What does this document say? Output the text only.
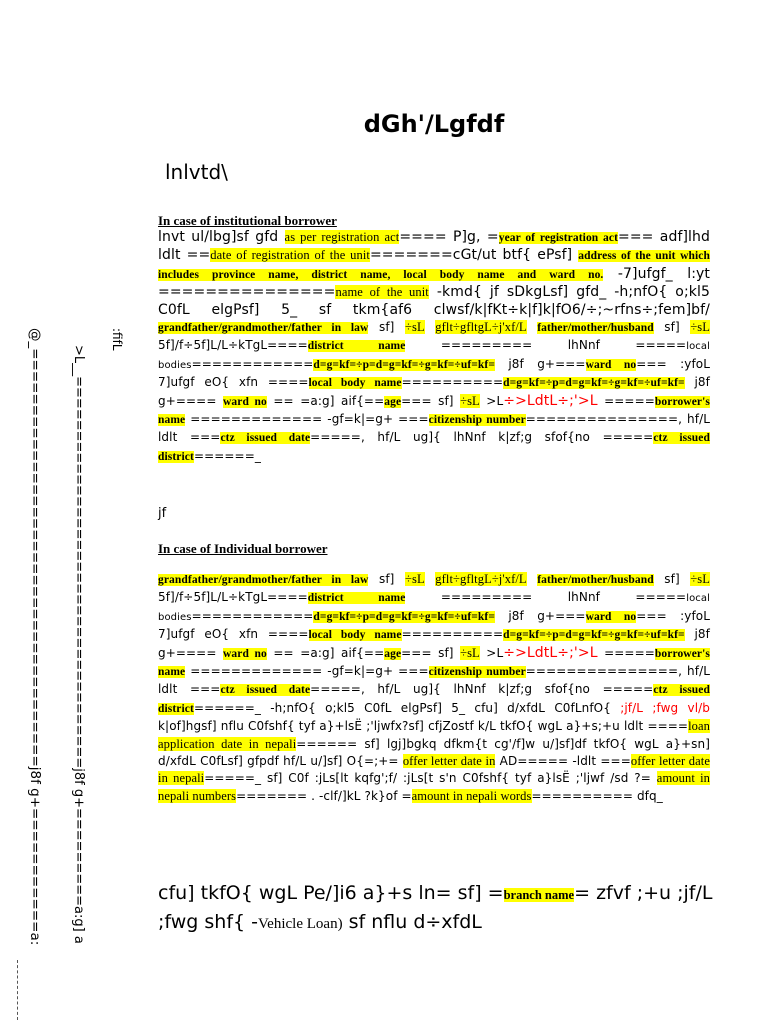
dGh'/Lgfdf
lnlvtd\
In case of institutional borrower
lnvt ul/lbg]sf gfd as per registration act==== P]g, =year of registration act=== adf]lhd ldlt ==date of registration of the unit=======cGt/ut btf{ ePsf] address of the unit which includes province name, district name, local body name and ward no. -7]ufgf_ l:yt ===============name of the unit -kmd{ jf sDkgLsf] gfd_ -h;nfO{ o;kl5 C0fL elgPsf] 5_ sf tkm{af6 clwsf/k|fKt÷k|f]k|fO6/÷;~rfns÷;fem]bf/ grandfather/grandmother/father in law sf] ÷sL gflt÷gfltgL÷j'xf/L father/mother/husband sf] ÷sL 5f]/f÷5f]L/L÷kTgL====district name ========= lhNnf =====local bodies============d=g=kf=÷p=d=g=kf=÷g=kf=÷uf=kf= j8f g+===ward no=== :yfoL 7]ufgf eO{ xfn ====local body name==========d=g=kf=÷p=d=g=kf=÷g=kf=÷uf=kf= j8f g+==== ward no == =a:g] aif{==age=== sf] ÷sL >L÷>LdtL÷;'>L =====borrower's name ============= -gf=k|=g+ ===citizenship number===============, hf/L ldlt ===ctz issued date=====, hf/L ug]{ lhNnf k|zf;g sfof{no =====ctz issued district======_
jf
In case of Individual borrower
grandfather/grandmother/father in law sf] ÷sL gflt÷gfltgL÷j'xf/L father/mother/husband sf] ÷sL 5f]/f÷5f]L/L÷kTgL====district name ========= lhNnf =====local bodies============d=g=kf=÷p=d=g=kf=÷g=kf=÷uf=kf= j8f g+===ward no=== :yfoL 7]ufgf eO{ xfn ====local body name==========d=g=kf=÷p=d=g=kf=÷g=kf=÷uf=kf= j8f g+==== ward no == =a:g] aif{==age=== sf] ÷sL >L÷>LdtL÷;'>L =====borrower's name ============= -gf=k|=g+ ===citizenship number===============, hf/L ldlt ===ctz issued date=====, hf/L ug]{ lhNnf k|zf;g sfof{no =====ctz issued district======_ -h;nfO{ o;kl5 C0fL elgPsf] 5_ cfu] d/xfdL C0fLnfO{ ;jf/L ;fwg vl/b k|of]hgsf] nflu C0fshf{ tyf a}+lsË ;'ljwfx?sf] cfjZostf k/L tkfO{ wgL a}+s;+u ldlt ====loan application date in nepali====== sf] lgj]bgkq dfkm{t cg'/f]w u/]sf]df tkfO{ wgL a}+sn] d/xfdL C0fLsf] gfpdf hf/L u/]sf] O{=;+= offer letter date in AD===== -ldlt ===offer letter date in nepali=====_ sf] C0f :jLs[lt kqfg';f/ :jLs[t s'n C0fshf{ tyf a}lsË ;'ljwf /sd ?= amount in nepali numbers======= . -clf/]kL ?k}of =amount in nepali words========== dfq_
cfu] tkfO{ wgL Pe/]i6 a}+s ln= sf] =branch name= zfvf ;+u ;jf/L ;fwg shf{ -Vehicle Loan) sf nflu d÷xfdL
@_=====================================j8f g+===========a: >L__====================================j8f g+=========a:g] a
:fifL
